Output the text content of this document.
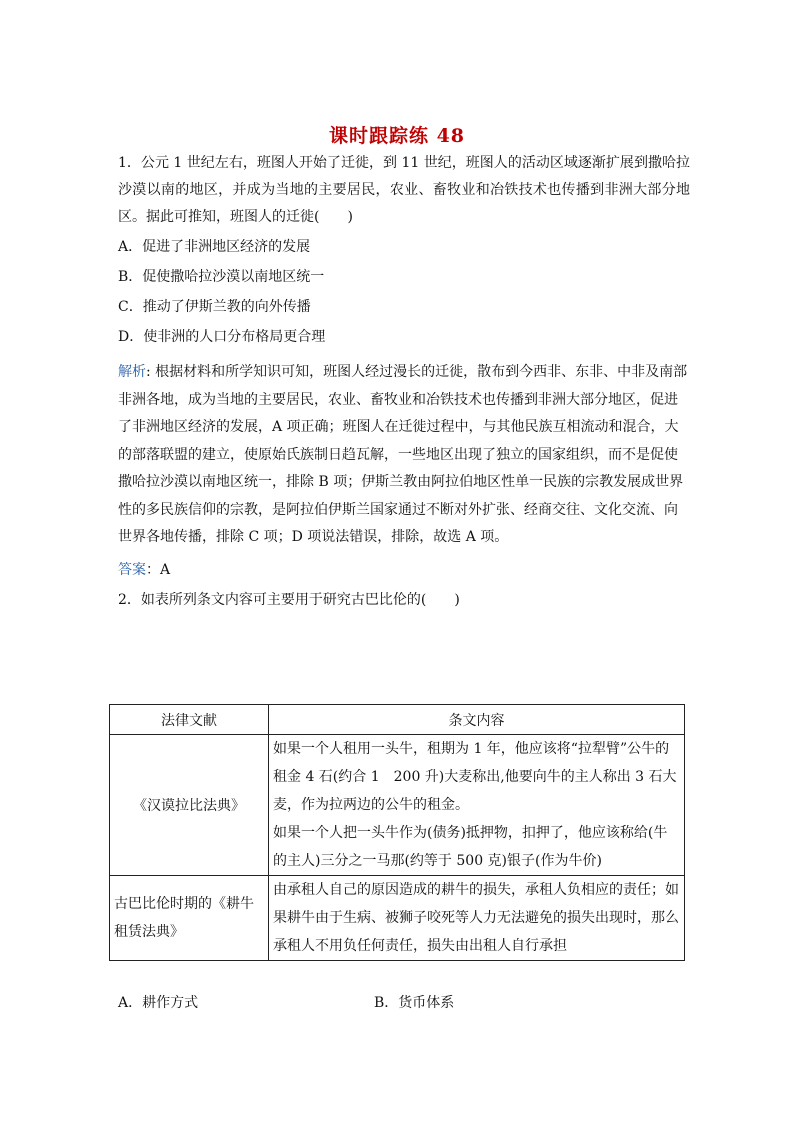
课时跟踪练 48

1．公元 1 世纪左右，班图人开始了迁徙，到 11 世纪，班图人的活动区域逐渐扩展到撒哈拉沙漠以南的地区，并成为当地的主要居民，农业、畜牧业和冶铁技术也传播到非洲大部分地区。据此可推知，班图人的迁徙(　　)

A．促进了非洲地区经济的发展

B．促使撒哈拉沙漠以南地区统一

C．推动了伊斯兰教的向外传播

D．使非洲的人口分布格局更合理

解析: 根据材料和所学知识可知，班图人经过漫长的迁徙，散布到今西非、东非、中非及南部非洲各地，成为当地的主要居民，农业、畜牧业和冶铁技术也传播到非洲大部分地区，促进了非洲地区经济的发展，A 项正确；班图人在迁徙过程中，与其他民族互相流动和混合，大的部落联盟的建立，使原始氏族制日趋瓦解，一些地区出现了独立的国家组织，而不是促使撒哈拉沙漠以南地区统一，排除 B 项；伊斯兰教由阿拉伯地区性单一民族的宗教发展成世界性的多民族信仰的宗教，是阿拉伯伊斯兰国家通过不断对外扩张、经商交往、文化交流、向世界各地传播，排除 C 项；D 项说法错误，排除，故选 A 项。

答案：A

2．如表所列条文内容可主要用于研究古巴比伦的(　　)

法律文献	条文内容
《汉谟拉比法典》	如果一个人租用一头牛，租期为 1 年，他应该将“拉犁臂”公牛的租金 4 石(约合 1　200 升)大麦称出,他要向牛的主人称出 3 石大麦，作为拉两边的公牛的租金。

如果一个人把一头牛作为(债务)抵押物，扣押了，他应该称给(牛的主人)三分之一马那(约等于 500 克)银子(作为牛价)

古巴比伦时期的《耕牛租赁法典》	由承租人自己的原因造成的耕牛的损失，承租人负相应的责任；如果耕牛由于生病、被狮子咬死等人力无法避免的损失出现时，那么承租人不用负任何责任，损失由出租人自行承担

A．耕作方式	B．货币体系
